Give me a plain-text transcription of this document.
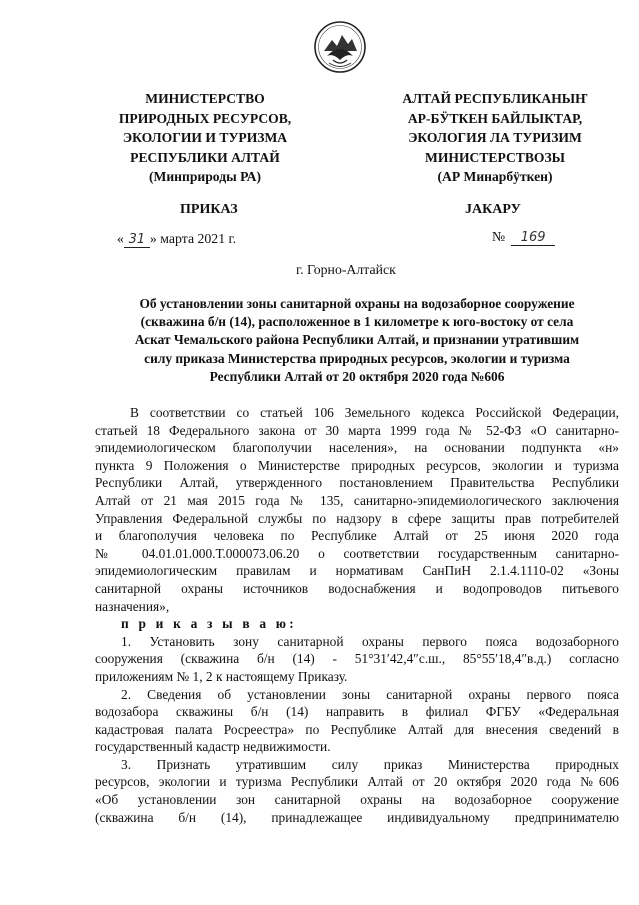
МИНИСТЕРСТВО
ПРИРОДНЫХ РЕСУРСОВ,
ЭКОЛОГИИ И ТУРИЗМА
РЕСПУБЛИКИ АЛТАЙ
(Минприроды РА)
АЛТАЙ РЕСПУБЛИКАНЫҤ
АР-БӰТКЕН БАЙЛЫКТАР,
ЭКОЛОГИЯ ЛА ТУРИЗИМ
МИНИСТЕРСТВОЗЫ
(АР Минарбӱткен)
ПРИКАЗ	JАКАРУ
« 31 » марта 2021 г.	№ 169
г. Горно-Алтайск
Об установлении зоны санитарной охраны на водозаборное сооружение
(скважина б/н (14), расположенное в 1 километре к юго-востоку от села
Аскат Чемальского района Республики Алтай, и признании утратившим
силу приказа Министерства природных ресурсов, экологии и туризма
Республики Алтай от 20 октября 2020 года №606
В соответствии со статьей 106 Земельного кодекса Российской Федерации,
статьей 18 Федерального закона от 30 марта 1999 года № 52-ФЗ «О санитарно-
эпидемиологическом благополучии населения», на основании подпункта «н»
пункта 9 Положения о Министерстве природных ресурсов, экологии и туризма
Республики Алтай, утвержденного постановлением Правительства Республики
Алтай от 21 мая 2015 года № 135, санитарно-эпидемиологического заключения
Управления Федеральной службы по надзору в сфере защиты прав потребителей
и благополучия человека по Республике Алтай от 25 июня 2020 года
№ 04.01.01.000.Т.000073.06.20 о соответствии государственным санитарно-
эпидемиологическим правилам и нормативам СанПиН 2.1.4.1110-02 «Зоны
санитарной охраны источников водоснабжения и водопроводов питьевого
назначения»,
п р и к а з ы в а ю:
1. Установить зону санитарной охраны первого пояса водозаборного
сооружения (скважина б/н (14) - 51°31′42,4″с.ш., 85°55′18,4″в.д.) согласно
приложениям № 1, 2 к настоящему Приказу.
2. Сведения об установлении зоны санитарной охраны первого пояса
водозабора скважины б/н (14) направить в филиал ФГБУ «Федеральная
кадастровая палата Росреестра» по Республике Алтай для внесения сведений в
государственный кадастр недвижимости.
3. Признать утратившим силу приказ Министерства природных
ресурсов, экологии и туризма Республики Алтай от 20 октября 2020 года №606
«Об установлении зон санитарной охраны на водозаборное сооружение
(скважина б/н (14), принадлежащее индивидуальному предпринимателю
